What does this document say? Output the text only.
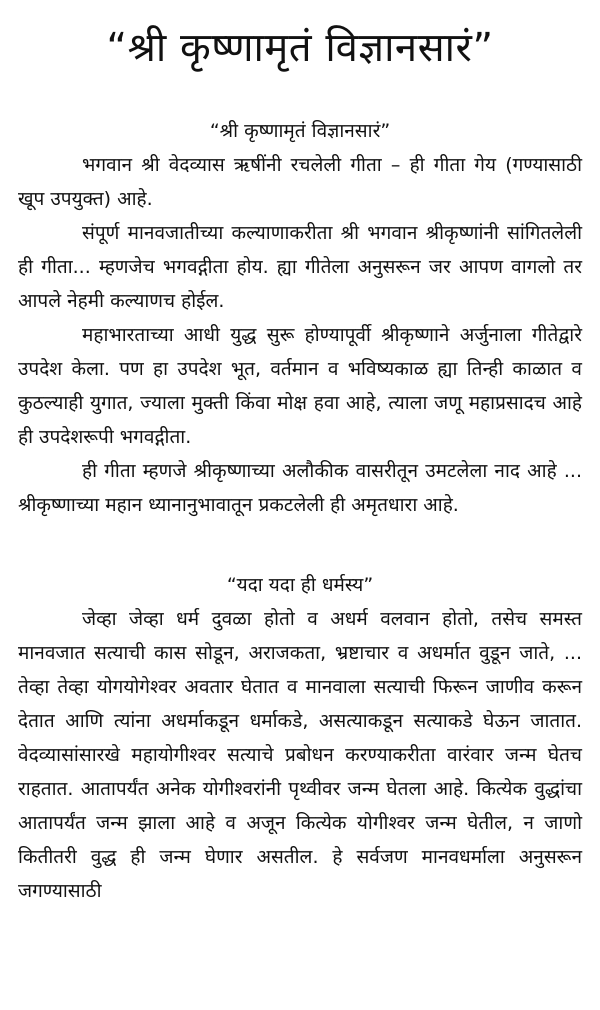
“श्री कृष्णामृतं विज्ञानसारं”
“श्री कृष्णामृतं विज्ञानसारं”

भगवान श्री वेदव्यास ऋषींनी रचलेली गीता – ही गीता गेय (गण्यासाठी खूप उपयुक्त) आहे.

संपूर्ण मानवजातीच्या कल्याणाकरीता श्री भगवान श्रीकृष्णांनी सांगितलेली ही गीता... म्हणजेच भगवद्गीता होय. ह्या गीतेला अनुसरून जर आपण वागलो तर आपले नेहमी कल्याणच होईल.

महाभारताच्या आधी युद्ध सुरू होण्यापूर्वी श्रीकृष्णाने अर्जुनाला गीतेद्वारे उपदेश केला. पण हा उपदेश भूत, वर्तमान व भविष्यकाळ ह्या तिन्ही काळात व कुठल्याही युगात, ज्याला मुक्ती किंवा मोक्ष हवा आहे, त्याला जणू महाप्रसादच आहे ही उपदेशरूपी भगवद्गीता.

ही गीता म्हणजे श्रीकृष्णाच्या अलौकीक वासरीतून उमटलेला नाद आहे ... श्रीकृष्णाच्या महान ध्यानानुभावातून प्रकटलेली ही अमृतधारा आहे.

“यदा यदा ही धर्मस्य”

जेव्हा जेव्हा धर्म दुवळा होतो व अधर्म वलवान होतो, तसेच समस्त मानवजात सत्याची कास सोडून, अराजकता, भ्रष्टाचार व अधर्मात वुडून जाते, ... तेव्हा तेव्हा योगयोगेश्वर अवतार घेतात व मानवाला सत्याची फिरून जाणीव करून देतात आणि त्यांना अधर्माकडून धर्माकडे, असत्याकडून सत्याकडे घेऊन जातात. वेदव्यासांसारखे महायोगीश्वर सत्याचे प्रबोधन करण्याकरीता वारंवार जन्म घेतच राहतात. आतापर्यंत अनेक योगीश्वरांनी पृथ्वीवर जन्म घेतला आहे. कित्येक वुद्धांचा आतापर्यंत जन्म झाला आहे व अजून कित्येक योगीश्वर जन्म घेतील, न जाणो कितीतरी वुद्ध ही जन्म घेणार असतील. हे सर्वजण मानवधर्माला अनुसरून जगण्यासाठी
